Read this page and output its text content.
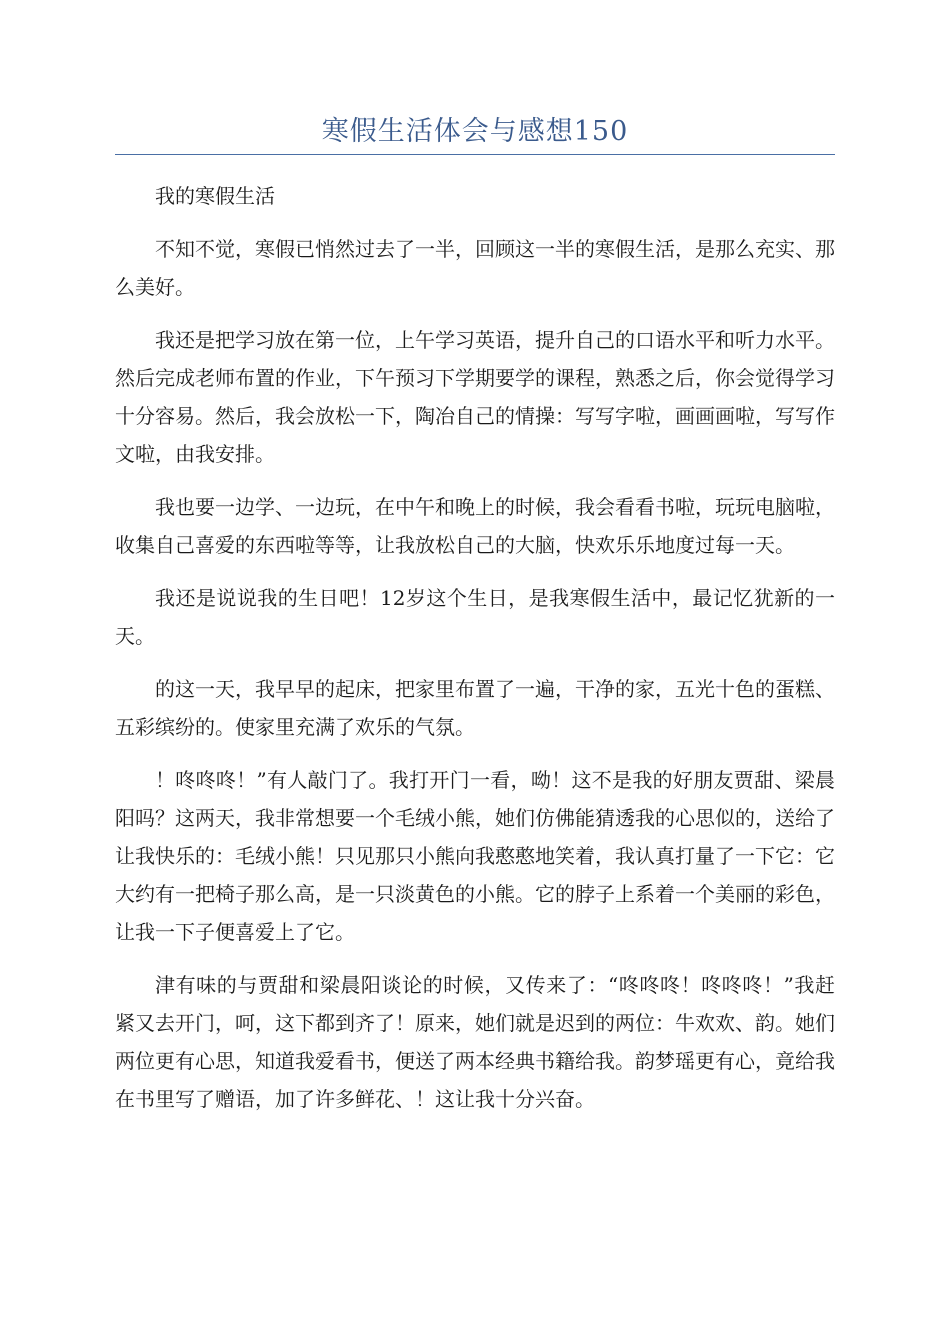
寒假生活体会与感想150

我的寒假生活

不知不觉，寒假已悄然过去了一半，回顾这一半的寒假生活，是那么充实、那么美好。

我还是把学习放在第一位，上午学习英语，提升自己的口语水平和听力水平。然后完成老师布置的作业，下午预习下学期要学的课程，熟悉之后，你会觉得学习十分容易。然后，我会放松一下，陶冶自己的情操：写写字啦，画画画啦，写写作文啦，由我安排。

我也要一边学、一边玩，在中午和晚上的时候，我会看看书啦，玩玩电脑啦，收集自己喜爱的东西啦等等，让我放松自己的大脑，快欢乐乐地度过每一天。

我还是说说我的生日吧！12岁这个生日，是我寒假生活中，最记忆犹新的一天。

的这一天，我早早的起床，把家里布置了一遍，干净的家，五光十色的蛋糕、五彩缤纷的。使家里充满了欢乐的气氛。

！咚咚咚！”有人敲门了。我打开门一看，呦！这不是我的好朋友贾甜、梁晨阳吗？这两天，我非常想要一个毛绒小熊，她们仿佛能猜透我的心思似的，送给了让我快乐的：毛绒小熊！只见那只小熊向我憨憨地笑着，我认真打量了一下它：它大约有一把椅子那么高，是一只淡黄色的小熊。它的脖子上系着一个美丽的彩色，让我一下子便喜爱上了它。

津有味的与贾甜和梁晨阳谈论的时候，又传来了：“咚咚咚！咚咚咚！”我赶紧又去开门，呵，这下都到齐了！原来，她们就是迟到的两位：牛欢欢、韵。她们两位更有心思，知道我爱看书，便送了两本经典书籍给我。韵梦瑶更有心，竟给我在书里写了赠语，加了许多鲜花、！这让我十分兴奋。
